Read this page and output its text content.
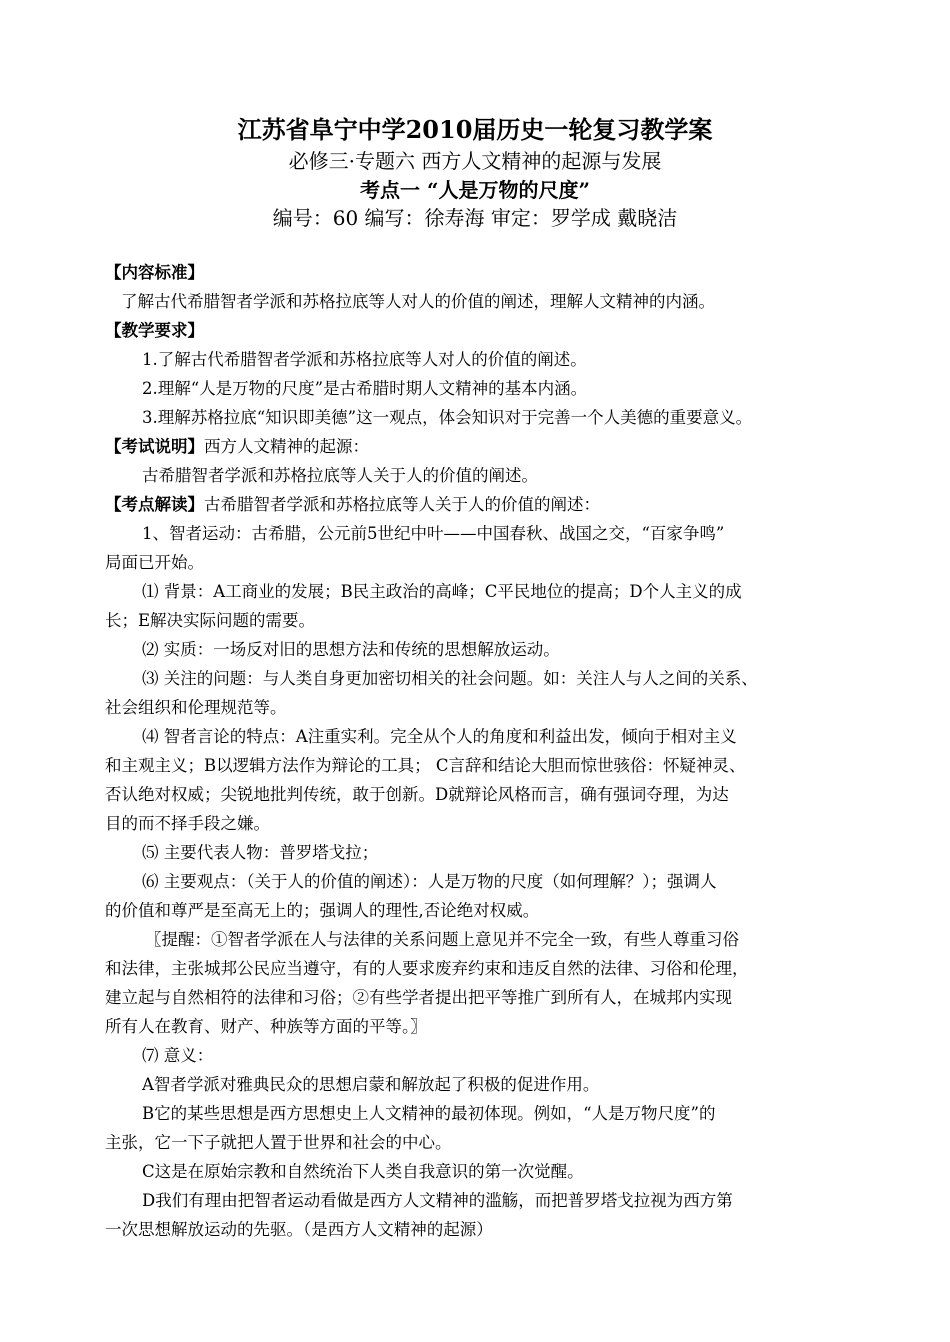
江苏省阜宁中学2010届历史一轮复习教学案
必修三·专题六 西方人文精神的起源与发展
考点一 “人是万物的尺度”
编号：60 编写：徐寿海 审定：罗学成 戴晓洁

【内容标准】

了解古代希腊智者学派和苏格拉底等人对人的价值的阐述，理解人文精神的内涵。

【教学要求】

1.了解古代希腊智者学派和苏格拉底等人对人的价值的阐述。

2.理解“人是万物的尺度”是古希腊时期人文精神的基本内涵。

3.理解苏格拉底“知识即美德”这一观点，体会知识对于完善一个人美德的重要意义。

【考试说明】西方人文精神的起源：

古希腊智者学派和苏格拉底等人关于人的价值的阐述。

【考点解读】古希腊智者学派和苏格拉底等人关于人的价值的阐述：

1、智者运动：古希腊，公元前5世纪中叶——中国春秋、战国之交，“百家争鸣”

局面已开始。

⑴ 背景：A工商业的发展；B民主政治的高峰；C平民地位的提高；D个人主义的成

长；E解决实际问题的需要。

⑵ 实质：一场反对旧的思想方法和传统的思想解放运动。

⑶ 关注的问题：与人类自身更加密切相关的社会问题。如：关注人与人之间的关系、

社会组织和伦理规范等。

⑷ 智者言论的特点：A注重实利。完全从个人的角度和利益出发，倾向于相对主义

和主观主义；B以逻辑方法作为辩论的工具； C言辞和结论大胆而惊世骇俗：怀疑神灵、

否认绝对权威；尖锐地批判传统，敢于创新。D就辩论风格而言，确有强词夺理，为达

目的而不择手段之嫌。

⑸ 主要代表人物：普罗塔戈拉；

⑹ 主要观点：（关于人的价值的阐述）：人是万物的尺度（如何理解？）；强调人

的价值和尊严是至高无上的；强调人的理性,否论绝对权威。

〖提醒：①智者学派在人与法律的关系问题上意见并不完全一致，有些人尊重习俗

和法律，主张城邦公民应当遵守，有的人要求废弃约束和违反自然的法律、习俗和伦理，

建立起与自然相符的法律和习俗；②有些学者提出把平等推广到所有人，在城邦内实现

所有人在教育、财产、种族等方面的平等。〗

⑺ 意义：

A智者学派对雅典民众的思想启蒙和解放起了积极的促进作用。

B它的某些思想是西方思想史上人文精神的最初体现。例如，“人是万物尺度”的

主张，它一下子就把人置于世界和社会的中心。

C这是在原始宗教和自然统治下人类自我意识的第一次觉醒。

D我们有理由把智者运动看做是西方人文精神的滥觞，而把普罗塔戈拉视为西方第

一次思想解放运动的先驱。（是西方人文精神的起源）
